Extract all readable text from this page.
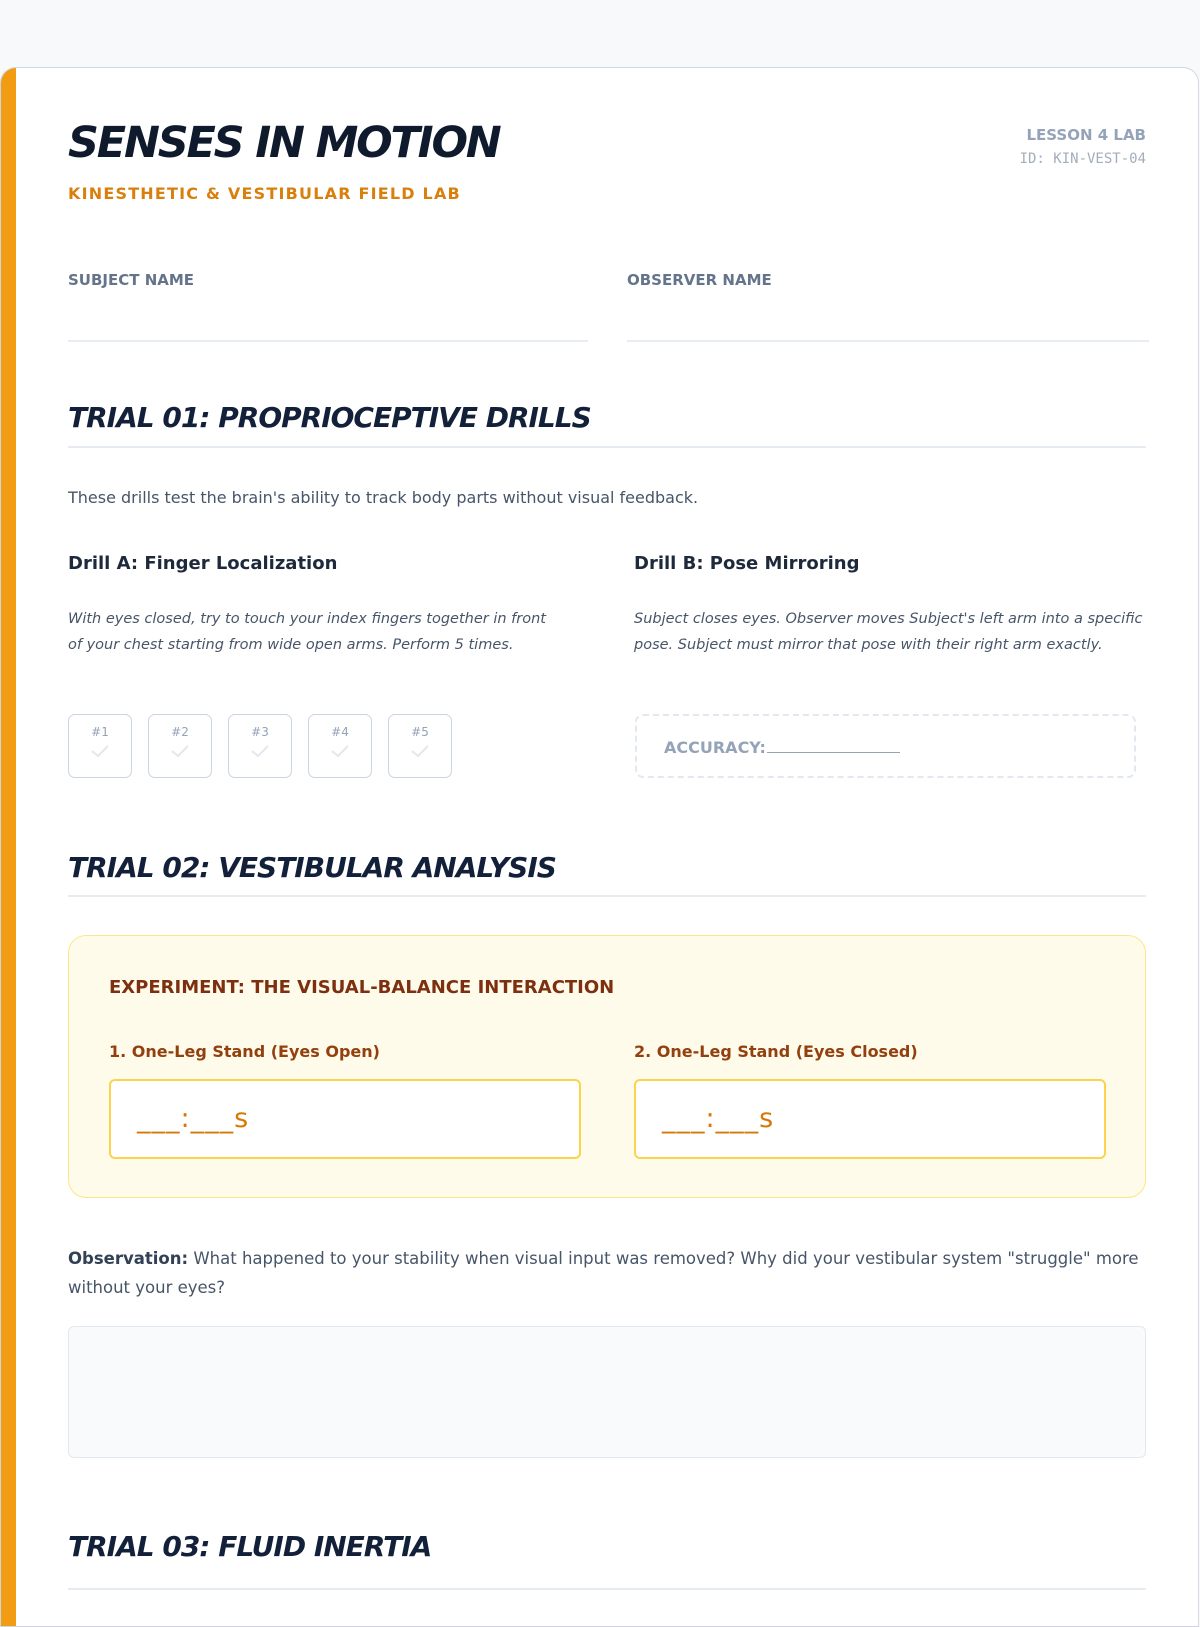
SENSES IN MOTION

KINESTHETIC & VESTIBULAR FIELD LAB

LESSON 4 LAB
ID: KIN-VEST-04
SUBJECT NAME	OBSERVER NAME
TRIAL 01: PROPRIOCEPTIVE DRILLS
These drills test the brain's ability to track body parts without visual feedback.
Drill A: Finger Localization
With eyes closed, try to touch your index fingers together in front of your chest starting from wide open arms. Perform 5 times.
#1	#2	#3	#4	#5
Drill B: Pose Mirroring
Subject closes eyes. Observer moves Subject's left arm into a specific pose. Subject must mirror that pose with their right arm exactly.
ACCURACY:
TRIAL 02: VESTIBULAR ANALYSIS
EXPERIMENT: THE VISUAL-BALANCE INTERACTION
1. One-Leg Stand (Eyes Open)	2. One-Leg Stand (Eyes Closed)
___:___s	___:___s
Observation: What happened to your stability when visual input was removed? Why did your vestibular system "struggle" more without your eyes?
TRIAL 03: FLUID INERTIA
